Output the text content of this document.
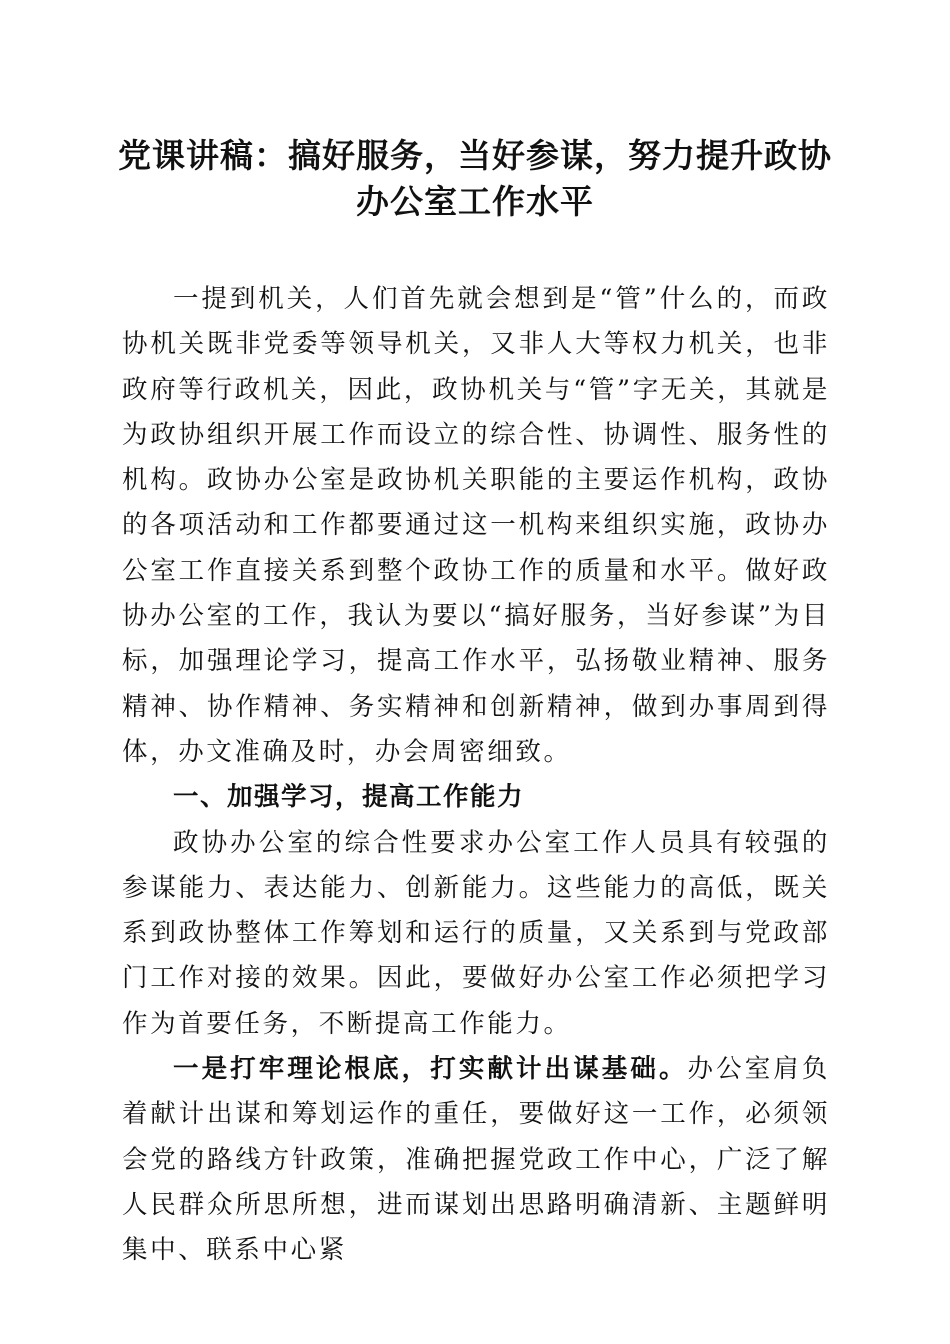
党课讲稿：搞好服务，当好参谋，努力提升政协办公室工作水平

一提到机关，人们首先就会想到是“管”什么的，而政协机关既非党委等领导机关，又非人大等权力机关，也非政府等行政机关，因此，政协机关与“管”字无关，其就是为政协组织开展工作而设立的综合性、协调性、服务性的机构。政协办公室是政协机关职能的主要运作机构，政协的各项活动和工作都要通过这一机构来组织实施，政协办公室工作直接关系到整个政协工作的质量和水平。做好政协办公室的工作，我认为要以“搞好服务，当好参谋”为目标，加强理论学习，提高工作水平，弘扬敬业精神、服务精神、协作精神、务实精神和创新精神，做到办事周到得体，办文准确及时，办会周密细致。

一、加强学习，提高工作能力

政协办公室的综合性要求办公室工作人员具有较强的参谋能力、表达能力、创新能力。这些能力的高低，既关系到政协整体工作筹划和运行的质量，又关系到与党政部门工作对接的效果。因此，要做好办公室工作必须把学习作为首要任务，不断提高工作能力。

一是打牢理论根底，打实献计出谋基础。办公室肩负着献计出谋和筹划运作的重任，要做好这一工作，必须领会党的路线方针政策，准确把握党政工作中心，广泛了解人民群众所思所想，进而谋划出思路明确清新、主题鲜明集中、联系中心紧
